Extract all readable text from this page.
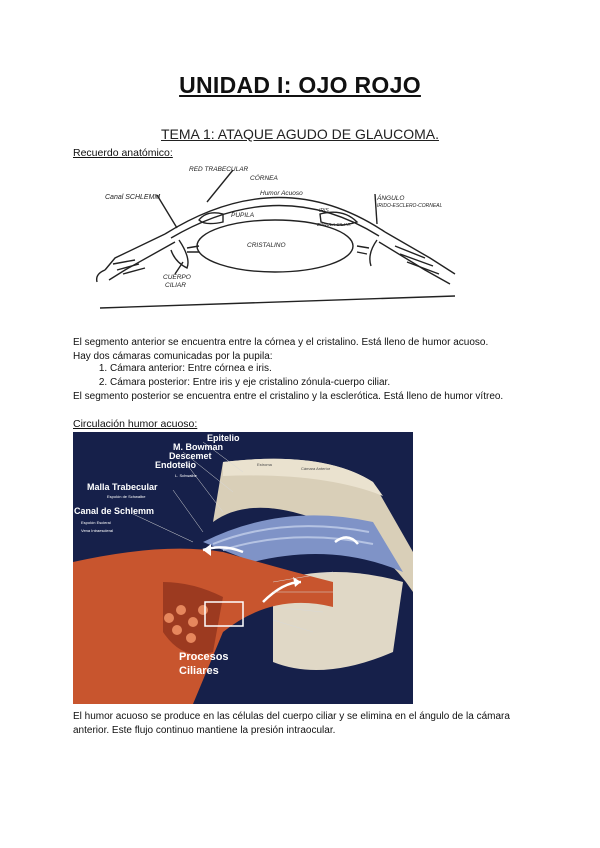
UNIDAD I: OJO ROJO
TEMA 1: ATAQUE AGUDO DE GLAUCOMA.
Recuerdo anatómico:
RED TRABECULAR
CÓRNEA
Canal SCHLEMM
Humor Acuoso
ÁNGULO
IRIDO-ESCLERO-CORNEAL
PUPILA
IRIS
ZÓNULA CILIAR
CRISTALINO
CUERPO
CILIAR
El segmento anterior se encuentra entre la córnea y el cristalino. Está lleno de humor acuoso.
Hay dos cámaras comunicadas por la pupila:
1. Cámara anterior: Entre córnea e iris.
2. Cámara posterior: Entre iris y eje cristalino zónula-cuerpo ciliar.
El segmento posterior se encuentra entre el cristalino y la esclerótica. Está lleno de humor vítreo.
Circulación humor acuoso:
Epitelio
M. Bowman
Descemet
Endotelio
L. Schwalbe
Malla Trabecular
Espolón de Schwalbe
Canal de Schlemm
Espolón Escleral
Vena Intraescleral
Estroma
Cámara Anterior
Procesos
Ciliares
El humor acuoso se produce en las células del cuerpo ciliar y se elimina en el ángulo de la cámara anterior. Este flujo continuo mantiene la presión intraocular.
